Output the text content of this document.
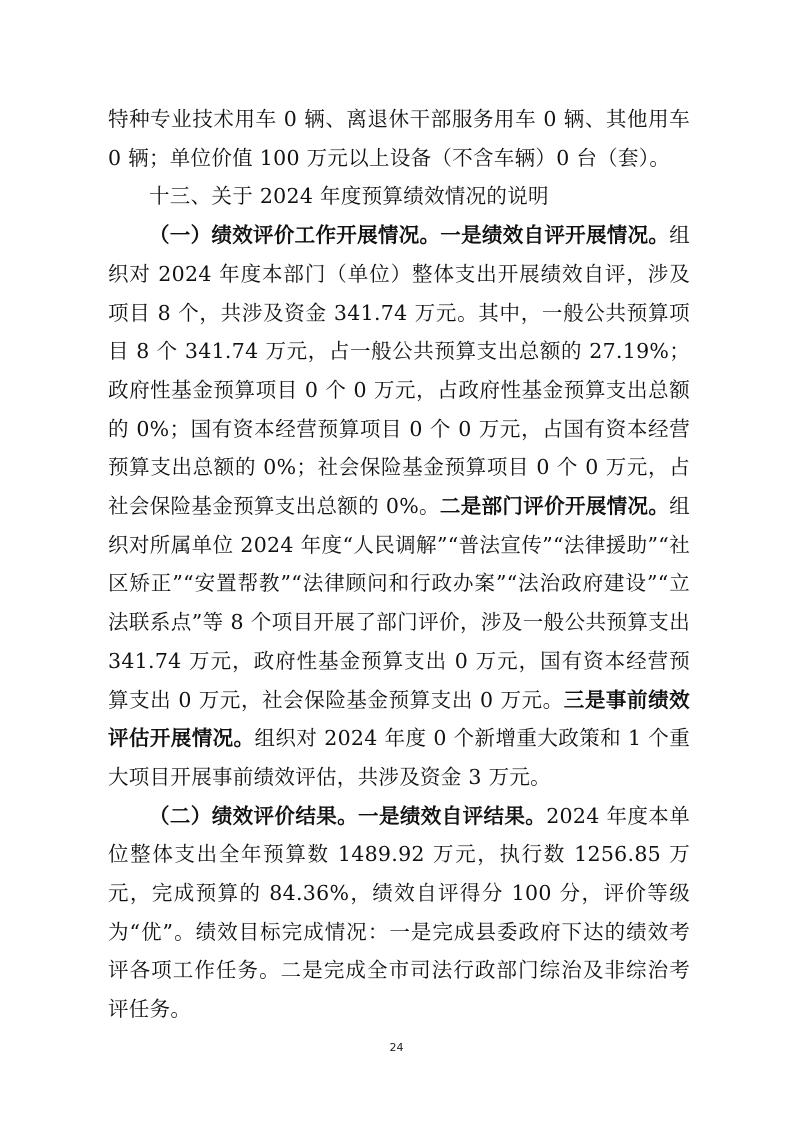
特种专业技术用车 0 辆、离退休干部服务用车 0 辆、其他用车 0 辆；单位价值 100 万元以上设备（不含车辆）0 台（套）。

十三、关于 2024 年度预算绩效情况的说明

（一）绩效评价工作开展情况。一是绩效自评开展情况。组织对 2024 年度本部门（单位）整体支出开展绩效自评，涉及项目 8 个，共涉及资金 341.74 万元。其中，一般公共预算项目 8 个 341.74 万元，占一般公共预算支出总额的 27.19%；政府性基金预算项目 0 个 0 万元，占政府性基金预算支出总额的 0%；国有资本经营预算项目 0 个 0 万元，占国有资本经营预算支出总额的 0%；社会保险基金预算项目 0 个 0 万元，占社会保险基金预算支出总额的 0%。二是部门评价开展情况。组织对所属单位 2024 年度“人民调解”“普法宣传”“法律援助”“社区矫正”“安置帮教”“法律顾问和行政办案”“法治政府建设”“立法联系点”等 8 个项目开展了部门评价，涉及一般公共预算支出 341.74 万元，政府性基金预算支出 0 万元，国有资本经营预算支出 0 万元，社会保险基金预算支出 0 万元。三是事前绩效评估开展情况。组织对 2024 年度 0 个新增重大政策和 1 个重大项目开展事前绩效评估，共涉及资金 3 万元。

（二）绩效评价结果。一是绩效自评结果。2024 年度本单位整体支出全年预算数 1489.92 万元，执行数 1256.85 万元，完成预算的 84.36%，绩效自评得分 100 分，评价等级为“优”。绩效目标完成情况：一是完成县委政府下达的绩效考评各项工作任务。二是完成全市司法行政部门综治及非综治考评任务。

24
